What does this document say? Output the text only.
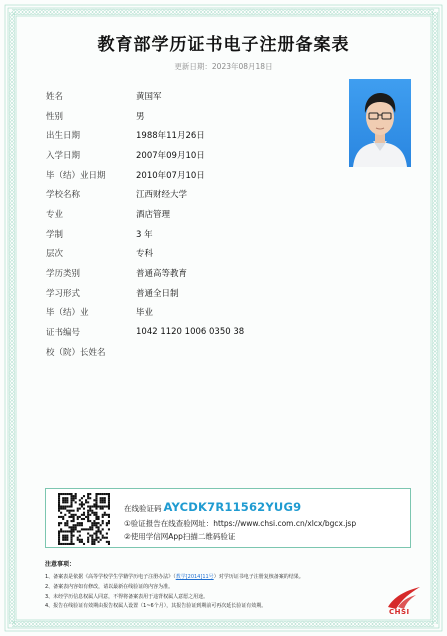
教育部学历证书电子注册备案表
更新日期：2023年08月18日
姓名	黄国军
性别	男
出生日期	1988年11月26日
入学日期	2007年09月10日
毕（结）业日期	2010年07月10日
学校名称	江西财经大学
专业	酒店管理
学制	3 年
层次	专科
学历类别	普通高等教育
学习形式	普通全日制
毕（结）业	毕业
证书编号	1042 1120 1006 0350 38
校（院）长姓名
在线验证码 AYCDK7R11562YUG9
①验证报告在线查验网址：https://www.chsi.com.cn/xlcx/bgcx.jsp
②使用学信网App扫描二维码验证
注意事项：
1、备案表是依据《高等学校学生学籍学历电子注册办法》（教学[2014]11号）对学历证书电子注册复核备案的结果。
2、备案表内容如有修改，请以最新在线验证的内容为准。
3、未经学历信息权属人同意，不得将备案表用于违背权属人意愿之用途。
4、报告在线验证有效期由报告权属人设置（1~6个月），其报告验证到期前可再次延长验证有效期。
CHSI
